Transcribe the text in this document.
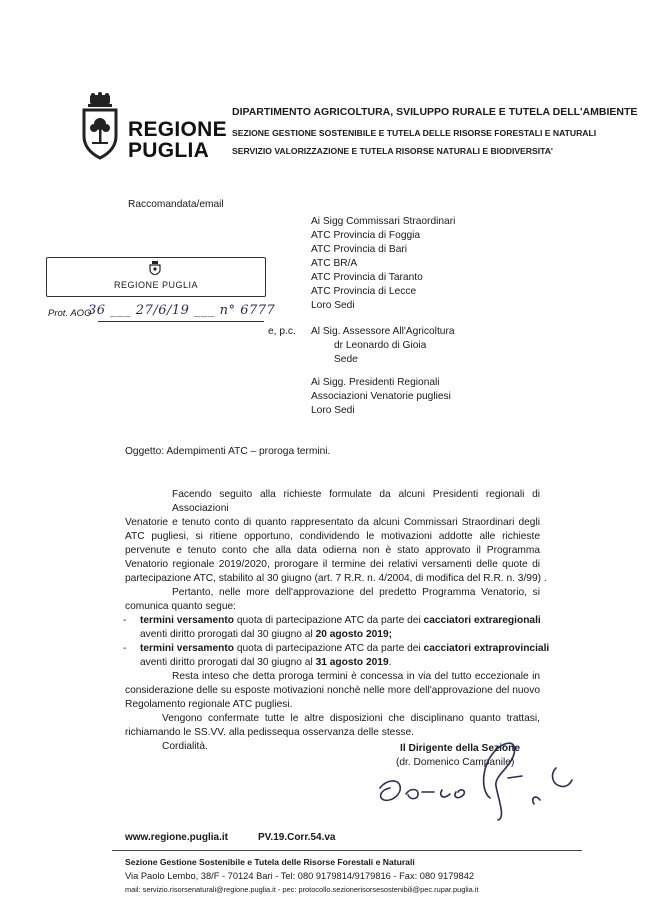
REGIONE
PUGLIA
DIPARTIMENTO AGRICOLTURA, SVILUPPO RURALE E TUTELA DELL'AMBIENTE
SEZIONE GESTIONE SOSTENIBILE E TUTELA DELLE RISORSE FORESTALI E NATURALI
SERVIZIO VALORIZZAZIONE E TUTELA RISORSE NATURALI E BIODIVERSITA'
Raccomandata/email
Ai Sigg Commissari Straordinari
ATC Provincia di Foggia
ATC Provincia di Bari
ATC BR/A
ATC Provincia di Taranto
ATC Provincia di Lecce
Loro Sedi
REGIONE PUGLIA
Prot. AOO
36 ___ 27/6/19 ___ n° 6777
e, p.c. Al Sig. Assessore All'Agricoltura
dr Leonardo di Gioia
Sede
Ai Sigg. Presidenti Regionali
Associazioni Venatorie pugliesi
Loro Sedi
Oggetto: Adempimenti ATC – proroga termini.
Facendo seguito alla richieste formulate da alcuni Presidenti regionali di Associazioni
Venatorie e tenuto conto di quanto rappresentato da alcuni Commissari Straordinari degli
ATC pugliesi, si ritiene opportuno, condividendo le motivazioni addotte alle richieste
pervenute e tenuto conto che alla data odierna non è stato approvato il Programma
Venatorio regionale 2019/2020, prorogare il termine dei relativi versamenti delle quote di
partecipazione ATC, stabilito al 30 giugno (art. 7 R.R. n. 4/2004, di modifica del R.R. n. 3/99) .
Pertanto, nelle more dell'approvazione del predetto Programma Venatorio, si
comunica quanto segue:
-	termini versamento quota di partecipazione ATC da parte dei cacciatori extraregionali
aventi diritto prorogati dal 30 giugno al 20 agosto 2019;
-	termini versamento quota di partecipazione ATC da parte dei cacciatori extraprovinciali
aventi diritto prorogati dal 30 giugno al 31 agosto 2019.
Resta inteso che detta proroga termini è concessa in via del tutto eccezionale in
considerazione delle su esposte motivazioni nonchè nelle more dell'approvazione del nuovo
Regolamento regionale ATC pugliesi.
Vengono confermate tutte le altre disposizioni che disciplinano quanto trattasi,
richiamando le SS.VV. alla pedissequa osservanza delle stesse.
Cordialità.	Il Dirigente della Sezione
(dr. Domenico Campanile)
www.regione.puglia.it	PV.19.Corr.54.va
Sezione Gestione Sostenibile e Tutela delle Risorse Forestali e Naturali
Via Paolo Lembo, 38/F - 70124 Bari - Tel: 080 9179814/9179816 - Fax: 080 9179842
mail: servizio.risorsenaturali@regione.puglia.it - pec: protocollo.sezionerisorsesostenibili@pec.rupar.puglia.it
